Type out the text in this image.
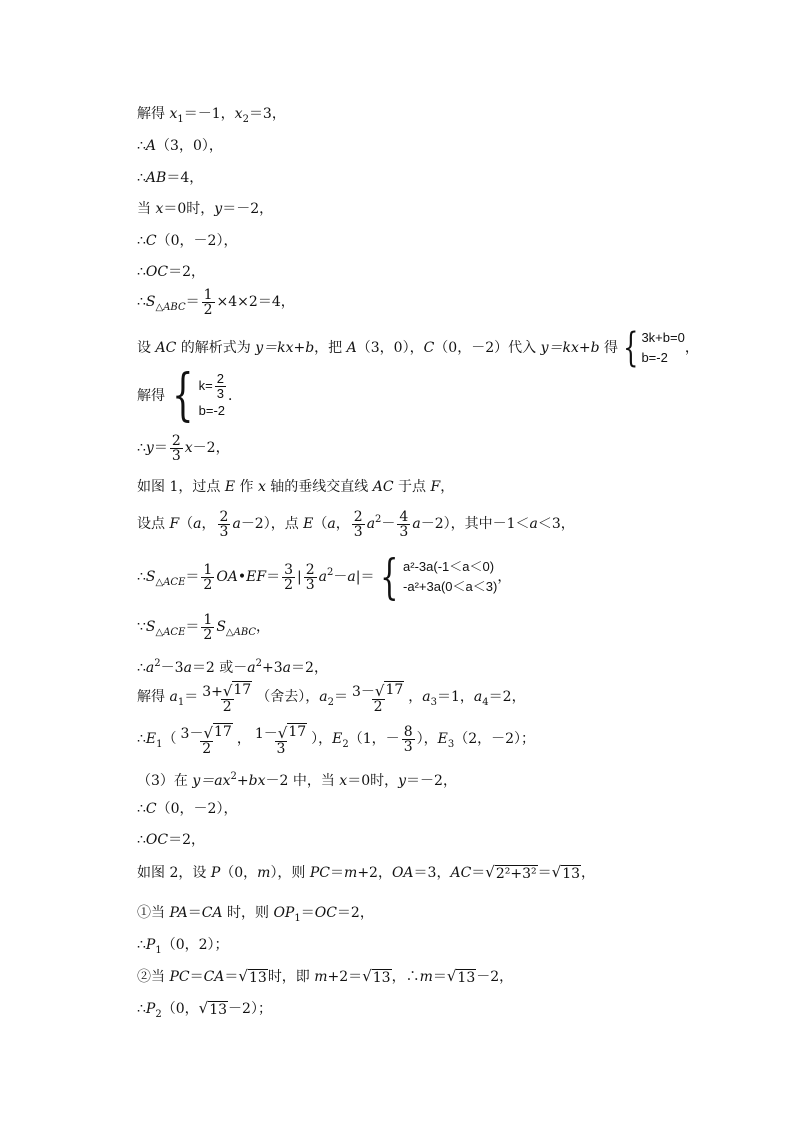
解得 $x_1=-1$，$x_2=3$，
∴A（3，0），
∴AB＝4，
当 x＝0时，y＝－2，
∴C（0，－2），
∴OC＝2，
$\therefore S_{\triangle ABC}= \frac{1}{2} \times 4\times 2=4$，
设 AC 的解析式为 y＝kx+b，把 A（3，0），C（0，－2）代入 y＝kx+b 得 { 3k+b=0
b=-2
，
解得 { $k= \frac{2}{3}$
b=-2
．
∴y＝ $\frac{2}{3} x-2$，
如图 1，过点 E 作 x 轴的垂线交直线 AC 于点 F，
设点 F（a， $\frac{2}{3} a-2$），点 E（a， $\frac{2}{3} a^2- \frac{4}{3} a-2$），其中－1＜a＜3，
$\therefore S_{\triangle ACE}= \frac{1}{2}$ OA•EF＝ $\frac{3}{2}$ | $\frac{2}{3} a^2-a|=$ { a²-3a(-1＜a＜0)
-a²+3a(0＜a＜3)
，
$\because S_{\triangle ACE}= \frac{1}{2} S_{\triangle ABC}$，
$\therefore a^2-3a=2$ 或$-a^2+3a=2$，
解得 $a_1= \frac{3+ √ 17}{2}$ （舍去），$a_2= \frac{3- √ 17}{2}$ ，$a_3=1$，$a_4=2$，
$\therefore E_1( \frac{3- √ 17}{2}$ ， $\frac{1- √ 17}{3}$ ），$E_2(1$，－ $\frac{8}{3}$ ），$E_3(2$，－2）；
（3）在 $y=ax^2+bx-2$ 中，当 x＝0时，y＝－2，
∴C（0，－2），
∴OC＝2，
如图 2，设 P（0，m），则 PC＝m+2，OA＝3，AC＝ √ 2²+3² ＝ √ 13 ，
①当 PA＝CA 时，则 $OP_1=OC=2$，
$\therefore P_1(0$，2）；
②当 PC＝CA＝ √ 13 时，即 m+2＝ √ 13 ，∴m＝ √ 13 －2，
$\therefore P_2(0$， √ 13 －2）；
